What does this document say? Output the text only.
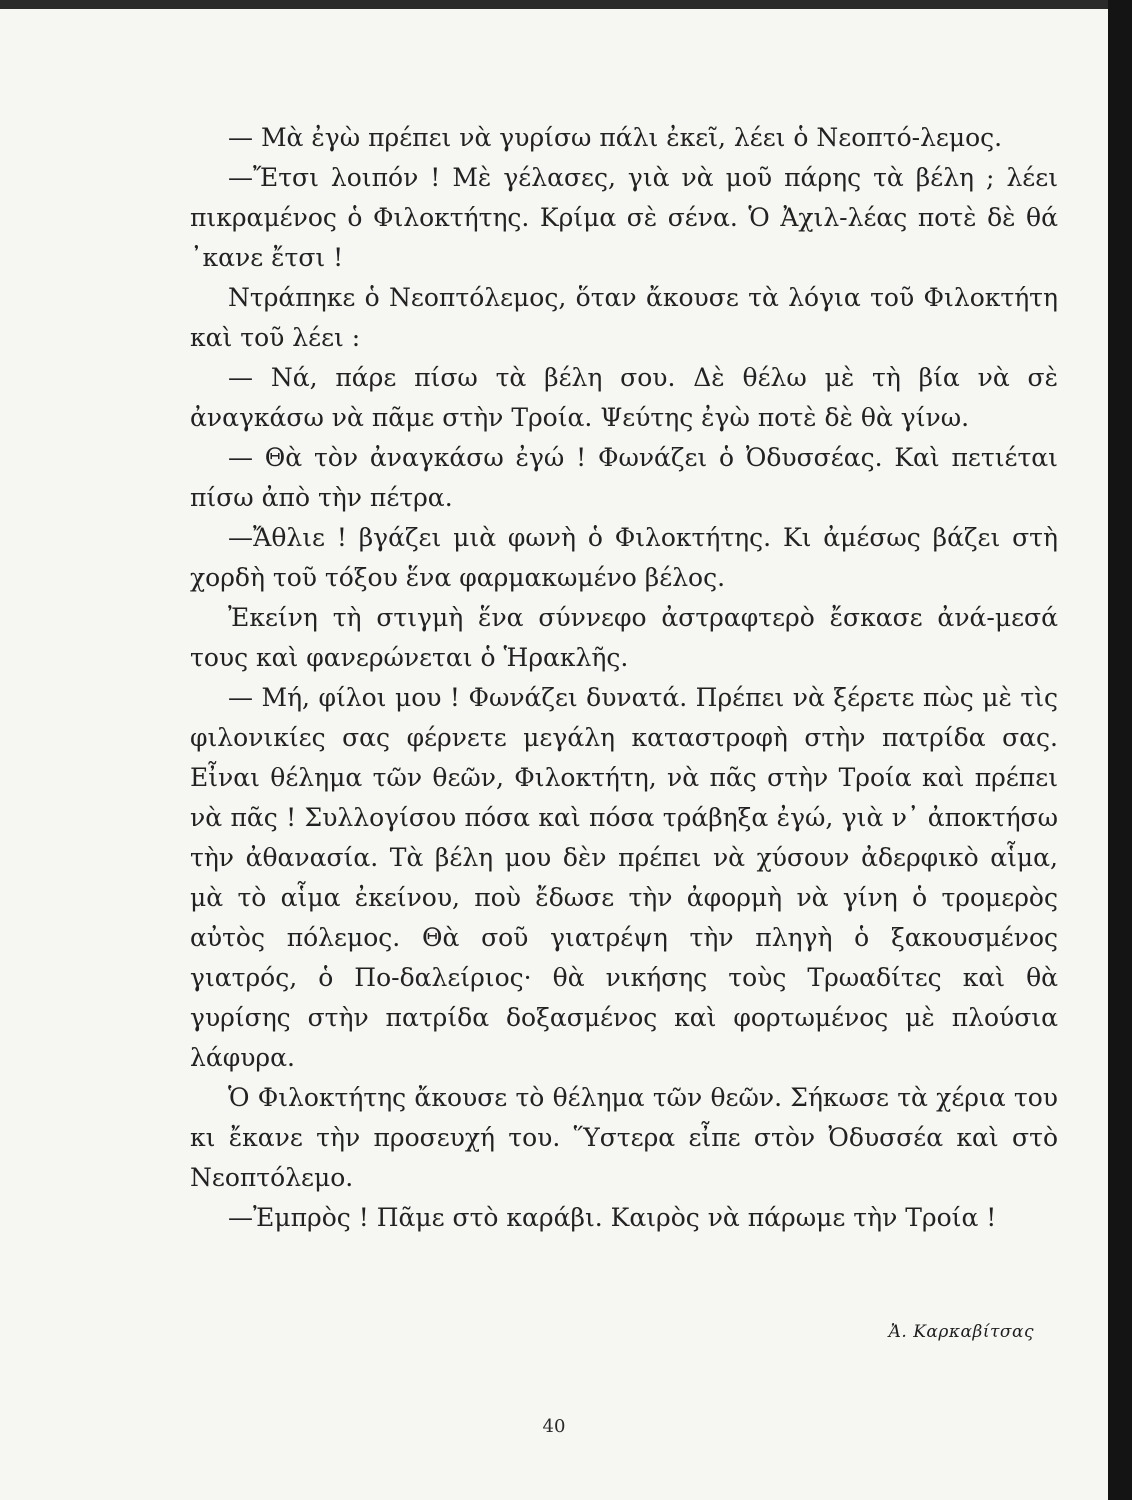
— Μὰ ἐγὼ πρέπει νὰ γυρίσω πάλι ἐκεῖ, λέει ὁ Νεοπτό-λεμος.

—Ἔτσι λοιπόν ! Μὲ γέλασες, γιὰ νὰ μοῦ πάρης τὰ βέλη ; λέει πικραμένος ὁ Φιλοκτήτης. Κρίμα σὲ σένα. Ὁ Ἀχιλ-λέας ποτὲ δὲ θά ᾽κανε ἔτσι !

Ντράπηκε ὁ Νεοπτόλεμος, ὅταν ἄκουσε τὰ λόγια τοῦ Φιλοκτήτη καὶ τοῦ λέει :

— Νά, πάρε πίσω τὰ βέλη σου. Δὲ θέλω μὲ τὴ βία νὰ σὲ ἀναγκάσω νὰ πᾶμε στὴν Τροία. Ψεύτης ἐγὼ ποτὲ δὲ θὰ γίνω.

— Θὰ τὸν ἀναγκάσω ἐγώ ! Φωνάζει ὁ Ὀδυσσέας. Καὶ πετιέται πίσω ἀπὸ τὴν πέτρα.

—Ἄθλιε ! βγάζει μιὰ φωνὴ ὁ Φιλοκτήτης. Κι ἀμέσως βάζει στὴ χορδὴ τοῦ τόξου ἕνα φαρμακωμένο βέλος.

Ἐκείνη τὴ στιγμὴ ἕνα σύννεφο ἀστραφτερὸ ἔσκασε ἀνά-μεσά τους καὶ φανερώνεται ὁ Ἡρακλῆς.

— Μή, φίλοι μου ! Φωνάζει δυνατά. Πρέπει νὰ ξέρετε πὼς μὲ τὶς φιλονικίες σας φέρνετε μεγάλη καταστροφὴ στὴν πατρίδα σας. Εἶναι θέλημα τῶν θεῶν, Φιλοκτήτη, νὰ πᾶς στὴν Τροία καὶ πρέπει νὰ πᾶς ! Συλλογίσου πόσα καὶ πόσα τράβηξα ἐγώ, γιὰ ν᾽ ἀποκτήσω τὴν ἀθανασία. Τὰ βέλη μου δὲν πρέπει νὰ χύσουν ἀδερφικὸ αἷμα, μὰ τὸ αἷμα ἐκείνου, ποὺ ἔδωσε τὴν ἀφορμὴ νὰ γίνη ὁ τρομερὸς αὐτὸς πόλεμος. Θὰ σοῦ γιατρέψη τὴν πληγὴ ὁ ξακουσμένος γιατρός, ὁ Πο-δαλείριος· θὰ νικήσης τοὺς Τρωαδίτες καὶ θὰ γυρίσης στὴν πατρίδα δοξασμένος καὶ φορτωμένος μὲ πλούσια λάφυρα.

Ὁ Φιλοκτήτης ἄκουσε τὸ θέλημα τῶν θεῶν. Σήκωσε τὰ χέρια του κι ἔκανε τὴν προσευχή του. Ὕστερα εἶπε στὸν Ὀδυσσέα καὶ στὸ Νεοπτόλεμο.

—Ἐμπρὸς ! Πᾶμε στὸ καράβι. Καιρὸς νὰ πάρωμε τὴν Τροία !

Ἀ. Καρκαβίτσας
40
